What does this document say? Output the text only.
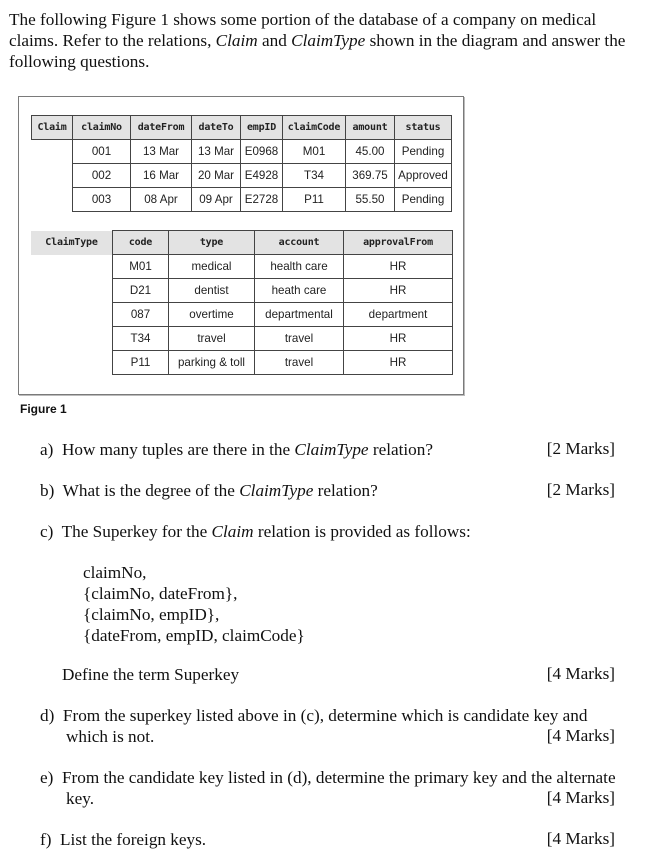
The following Figure 1 shows some portion of the database of a company on medical claims. Refer to the relations, Claim and ClaimType shown in the diagram and answer the following questions.
Claim	claimNo	dateFrom	dateTo	empID	claimCode	amount	status
	001	13 Mar	13 Mar	E0968	M01	45.00	Pending
	002	16 Mar	20 Mar	E4928	T34	369.75	Approved
	003	08 Apr	09 Apr	E2728	P11	55.50	Pending
ClaimType	code	type	account	approvalFrom
	M01	medical	health care	HR
	D21	dentist	heath care	HR
	087	overtime	departmental	department
	T34	travel	travel	HR
	P11	parking & toll	travel	HR
Figure 1
a) How many tuples are there in the ClaimType relation?	[2 Marks]
b) What is the degree of the ClaimType relation?	[2 Marks]
c) The Superkey for the Claim relation is provided as follows:
claimNo,
{claimNo, dateFrom},
{claimNo, empID},
{dateFrom, empID, claimCode}
Define the term Superkey	[4 Marks]
d) From the superkey listed above in (c), determine which is candidate key and
which is not.	[4 Marks]
e) From the candidate key listed in (d), determine the primary key and the alternate
key.	[4 Marks]
f) List the foreign keys.	[4 Marks]
